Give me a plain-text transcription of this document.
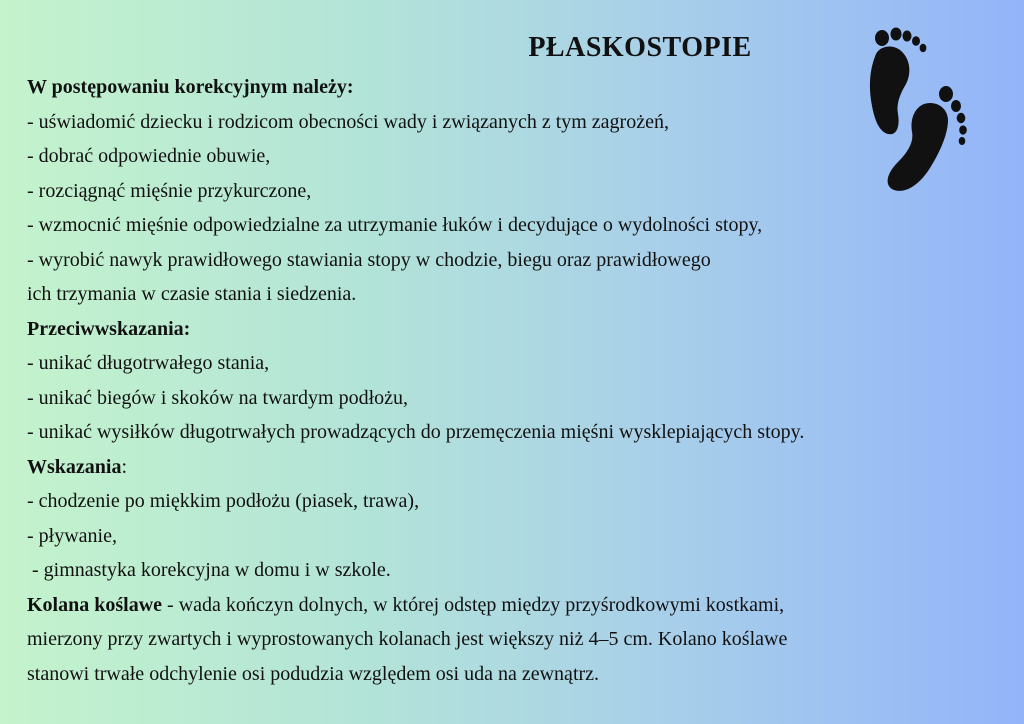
PŁASKOSTOPIE
W postępowaniu korekcyjnym należy:
- uświadomić dziecku i rodzicom obecności wady i związanych z tym zagrożeń,
- dobrać odpowiednie obuwie,
- rozciągnąć mięśnie przykurczone,
- wzmocnić mięśnie odpowiedzialne za utrzymanie łuków i decydujące o wydolności stopy,
- wyrobić nawyk prawidłowego stawiania stopy w chodzie, biegu oraz prawidłowego
ich trzymania w czasie stania i siedzenia.
Przeciwwskazania:
- unikać długotrwałego stania,
- unikać biegów i skoków na twardym podłożu,
- unikać wysiłków długotrwałych prowadzących do przemęczenia mięśni wysklepiających stopy.
Wskazania:
- chodzenie po miękkim podłożu (piasek, trawa),
- pływanie,
- gimnastyka korekcyjna w domu i w szkole.
Kolana koślawe - wada kończyn dolnych, w której odstęp między przyśrodkowymi kostkami,
mierzony przy zwartych i wyprostowanych kolanach jest większy niż 4–5 cm. Kolano koślawe
stanowi trwałe odchylenie osi podudzia względem osi uda na zewnątrz.
